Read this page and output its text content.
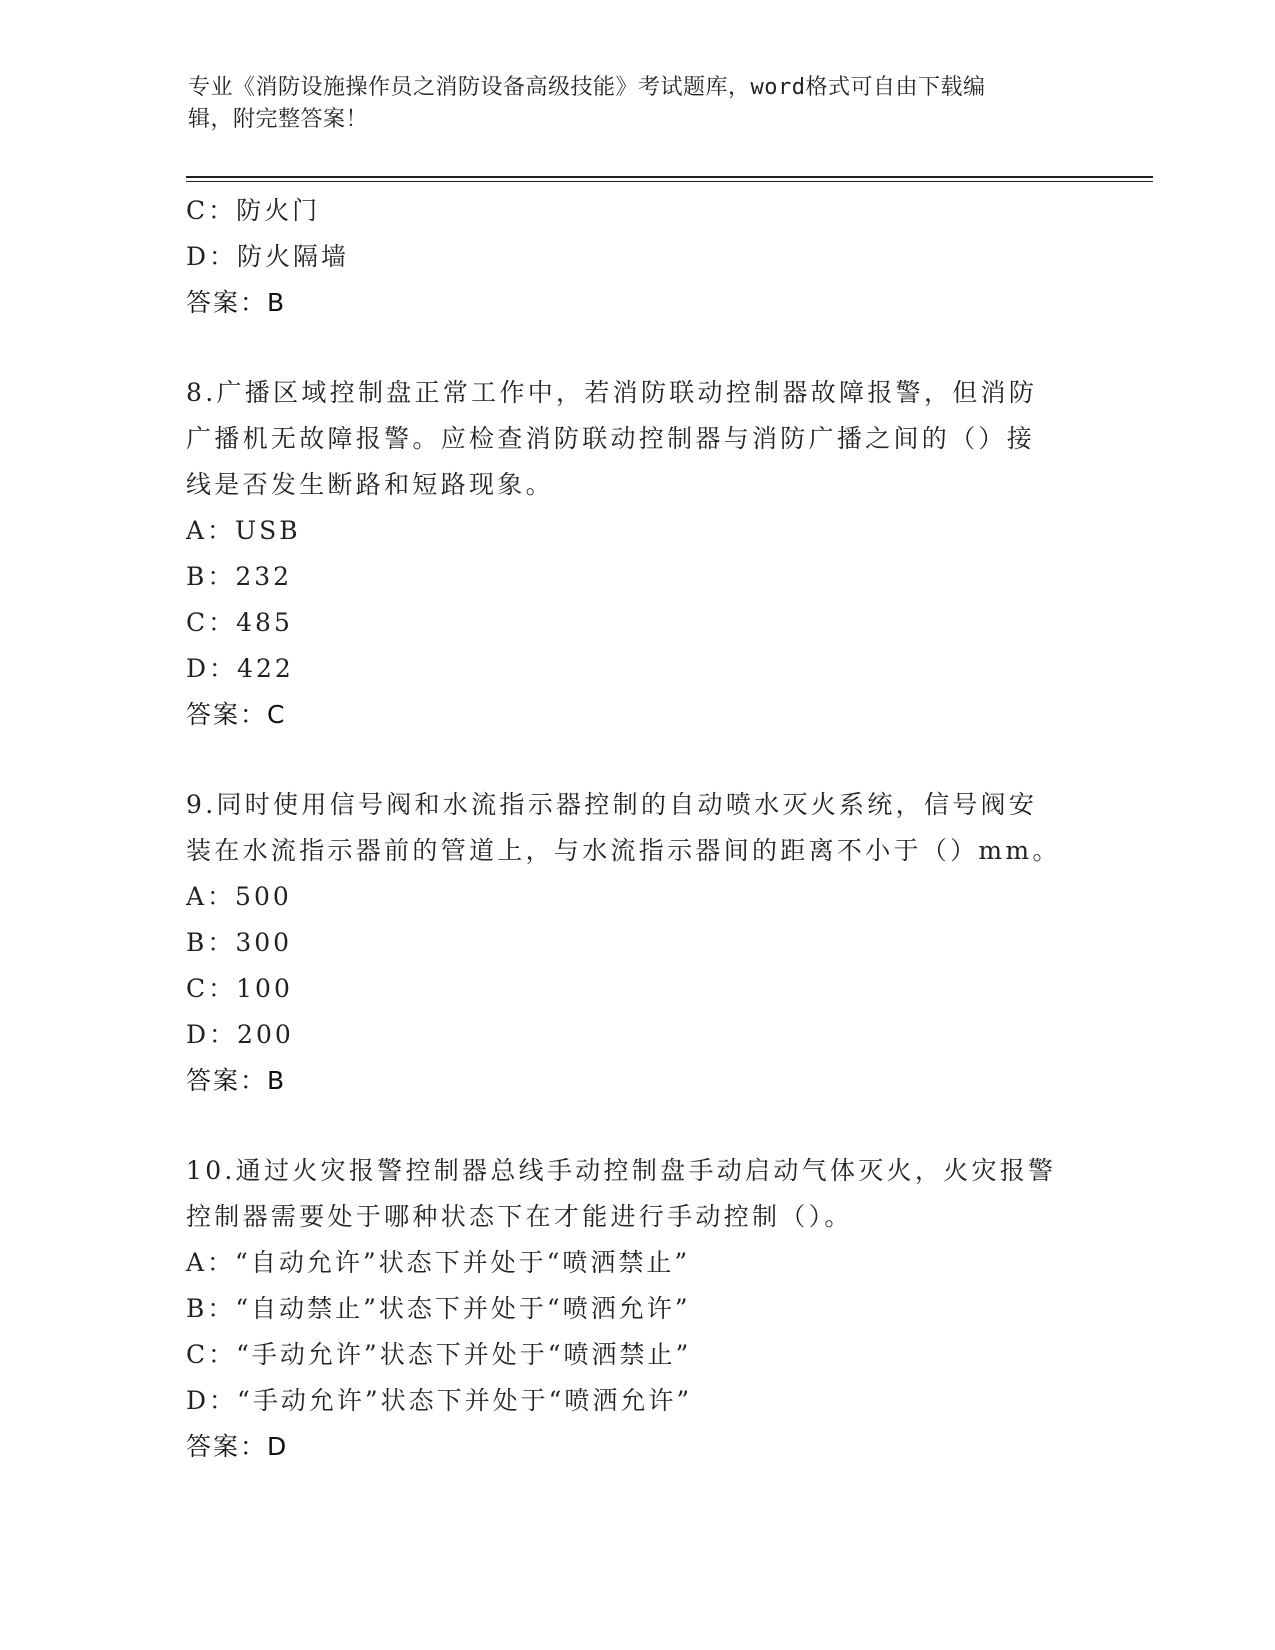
专业《消防设施操作员之消防设备高级技能》考试题库，word格式可自由下载编
辑，附完整答案！
C：防火门
D：防火隔墙
答案：B
8.广播区域控制盘正常工作中，若消防联动控制器故障报警，但消防
广播机无故障报警。应检查消防联动控制器与消防广播之间的（）接
线是否发生断路和短路现象。
A：USB
B：232
C：485
D：422
答案：C
9.同时使用信号阀和水流指示器控制的自动喷水灭火系统，信号阀安
装在水流指示器前的管道上，与水流指示器间的距离不小于（）mm。
A：500
B：300
C：100
D：200
答案：B
10.通过火灾报警控制器总线手动控制盘手动启动气体灭火，火灾报警
控制器需要处于哪种状态下在才能进行手动控制（）。
A：“自动允许”状态下并处于“喷洒禁止”
B：“自动禁止”状态下并处于“喷洒允许”
C：“手动允许”状态下并处于“喷洒禁止”
D：“手动允许”状态下并处于“喷洒允许”
答案：D
